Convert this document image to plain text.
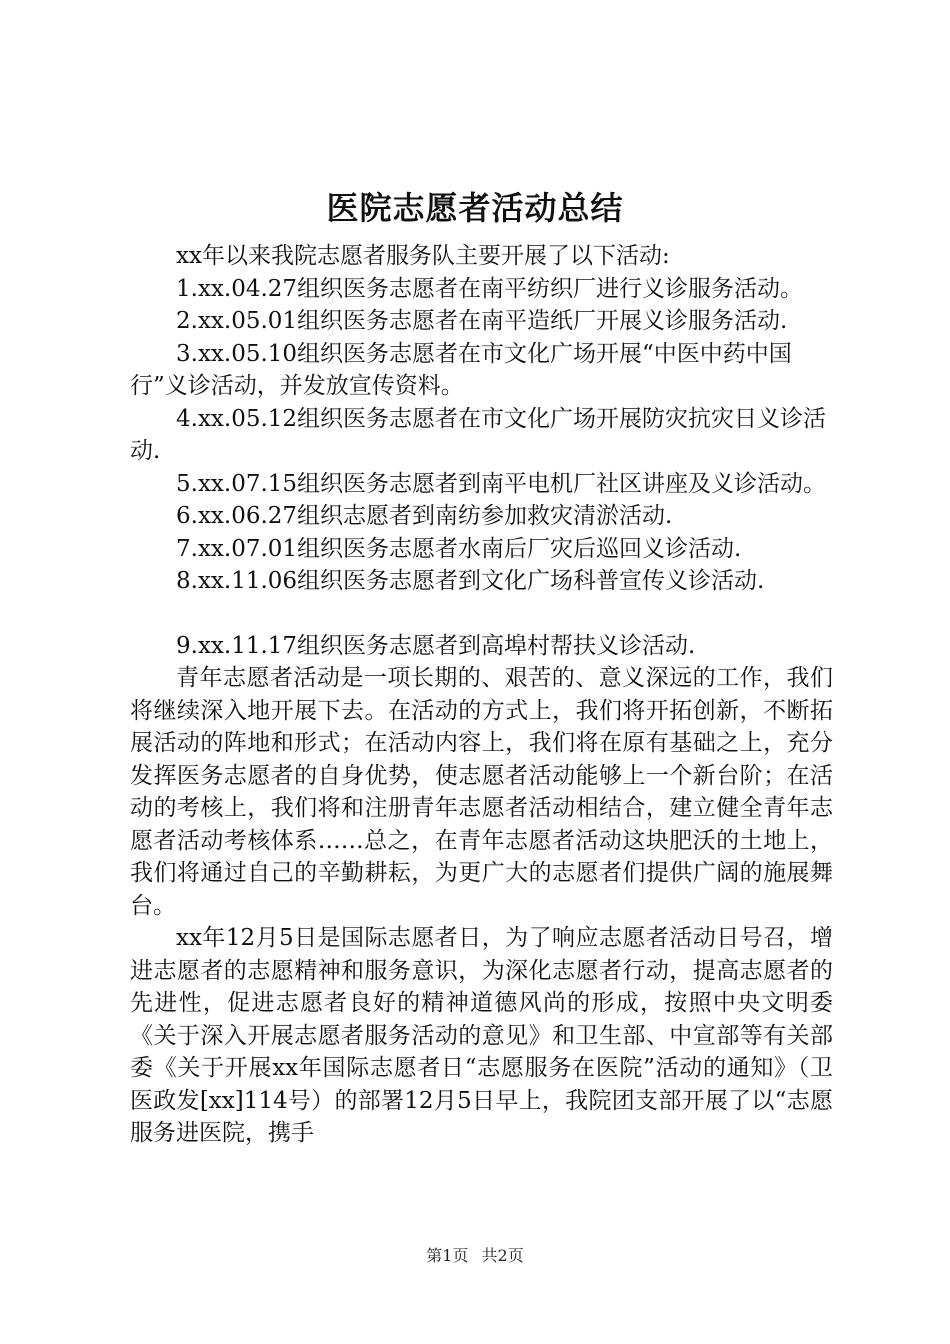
医院志愿者活动总结

xx年以来我院志愿者服务队主要开展了以下活动:

1.xx.04.27组织医务志愿者在南平纺织厂进行义诊服务活动。

2.xx.05.01组织医务志愿者在南平造纸厂开展义诊服务活动.

3.xx.05.10组织医务志愿者在市文化广场开展“中医中药中国行”义诊活动，并发放宣传资料。

4.xx.05.12组织医务志愿者在市文化广场开展防灾抗灾日义诊活动.

5.xx.07.15组织医务志愿者到南平电机厂社区讲座及义诊活动。

6.xx.06.27组织志愿者到南纺参加救灾清淤活动.

7.xx.07.01组织医务志愿者水南后厂灾后巡回义诊活动.

8.xx.11.06组织医务志愿者到文化广场科普宣传义诊活动.

9.xx.11.17组织医务志愿者到高埠村帮扶义诊活动.

青年志愿者活动是一项长期的、艰苦的、意义深远的工作，我们将继续深入地开展下去。在活动的方式上，我们将开拓创新，不断拓展活动的阵地和形式；在活动内容上，我们将在原有基础之上，充分发挥医务志愿者的自身优势，使志愿者活动能够上一个新台阶；在活动的考核上，我们将和注册青年志愿者活动相结合，建立健全青年志愿者活动考核体系……总之，在青年志愿者活动这块肥沃的土地上，我们将通过自己的辛勤耕耘，为更广大的志愿者们提供广阔的施展舞台。

xx年12月5日是国际志愿者日，为了响应志愿者活动日号召，增进志愿者的志愿精神和服务意识，为深化志愿者行动，提高志愿者的先进性，促进志愿者良好的精神道德风尚的形成，按照中央文明委《关于深入开展志愿者服务活动的意见》和卫生部、中宣部等有关部委《关于开展xx年国际志愿者日“志愿服务在医院”活动的通知》（卫医政发[xx]114号）的部署12月5日早上，我院团支部开展了以“志愿服务进医院，携手

第1页 共2页
